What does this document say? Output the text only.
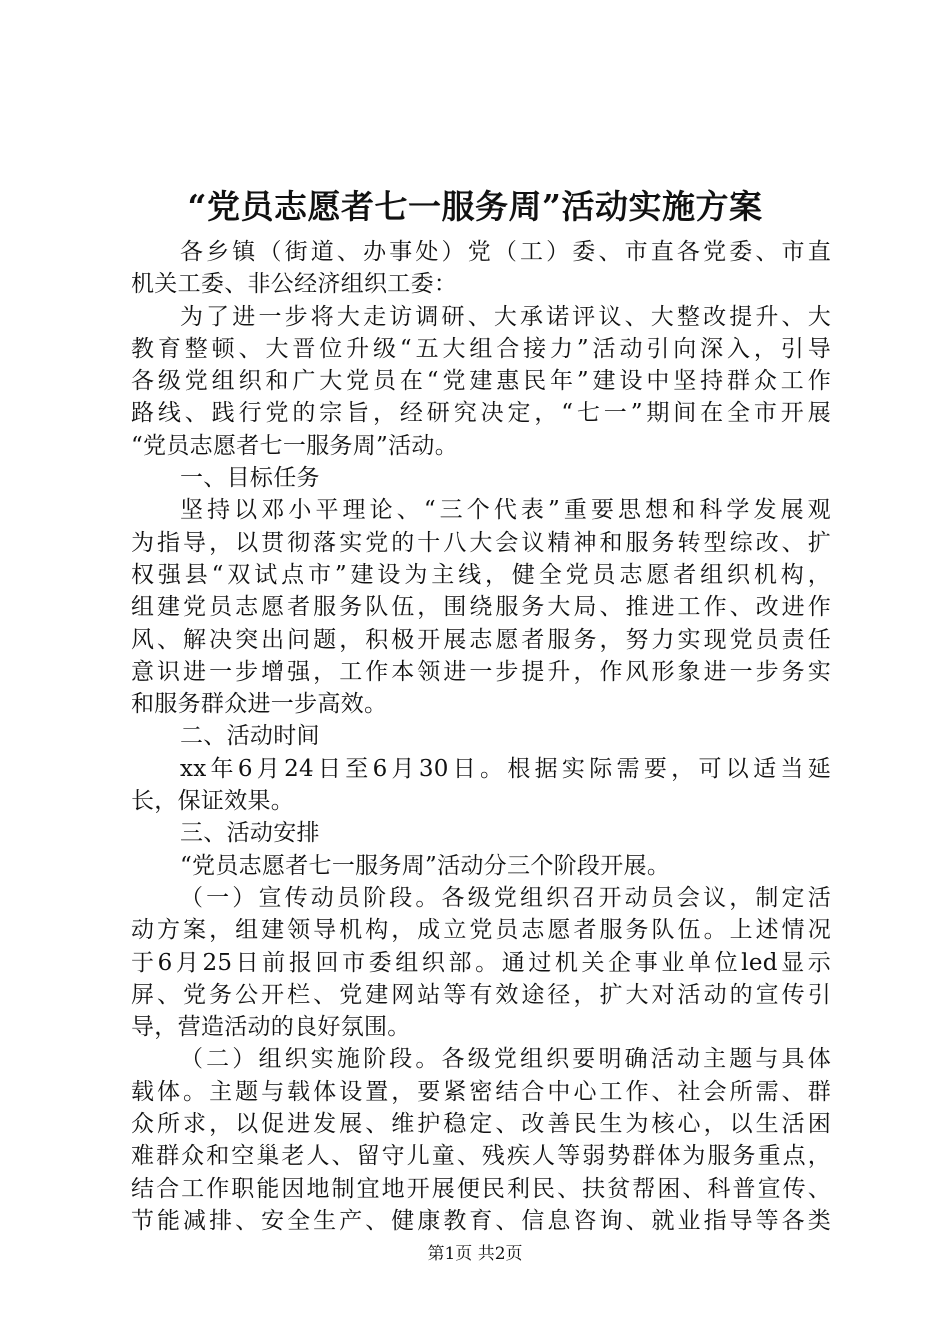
“党员志愿者七一服务周”活动实施方案
各乡镇（街道、办事处）党（工）委、市直各党委、市直
机关工委、非公经济组织工委：
为了进一步将大走访调研、大承诺评议、大整改提升、大
教育整顿、大晋位升级“五大组合接力”活动引向深入，引导
各级党组织和广大党员在“党建惠民年”建设中坚持群众工作
路线、践行党的宗旨，经研究决定，“七一”期间在全市开展
“党员志愿者七一服务周”活动。
一、目标任务
坚持以邓小平理论、“三个代表”重要思想和科学发展观
为指导，以贯彻落实党的十八大会议精神和服务转型综改、扩
权强县“双试点市”建设为主线，健全党员志愿者组织机构，
组建党员志愿者服务队伍，围绕服务大局、推进工作、改进作
风、解决突出问题，积极开展志愿者服务，努力实现党员责任
意识进一步增强，工作本领进一步提升，作风形象进一步务实
和服务群众进一步高效。
二、活动时间
xx年6月24日至6月30日。根据实际需要，可以适当延
长，保证效果。
三、活动安排
“党员志愿者七一服务周”活动分三个阶段开展。
（一）宣传动员阶段。各级党组织召开动员会议，制定活
动方案，组建领导机构，成立党员志愿者服务队伍。上述情况
于6月25日前报回市委组织部。通过机关企事业单位led显示
屏、党务公开栏、党建网站等有效途径，扩大对活动的宣传引
导，营造活动的良好氛围。
（二）组织实施阶段。各级党组织要明确活动主题与具体
载体。主题与载体设置，要紧密结合中心工作、社会所需、群
众所求，以促进发展、维护稳定、改善民生为核心，以生活困
难群众和空巢老人、留守儿童、残疾人等弱势群体为服务重点，
结合工作职能因地制宜地开展便民利民、扶贫帮困、科普宣传、
节能减排、安全生产、健康教育、信息咨询、就业指导等各类
第1页 共2页
